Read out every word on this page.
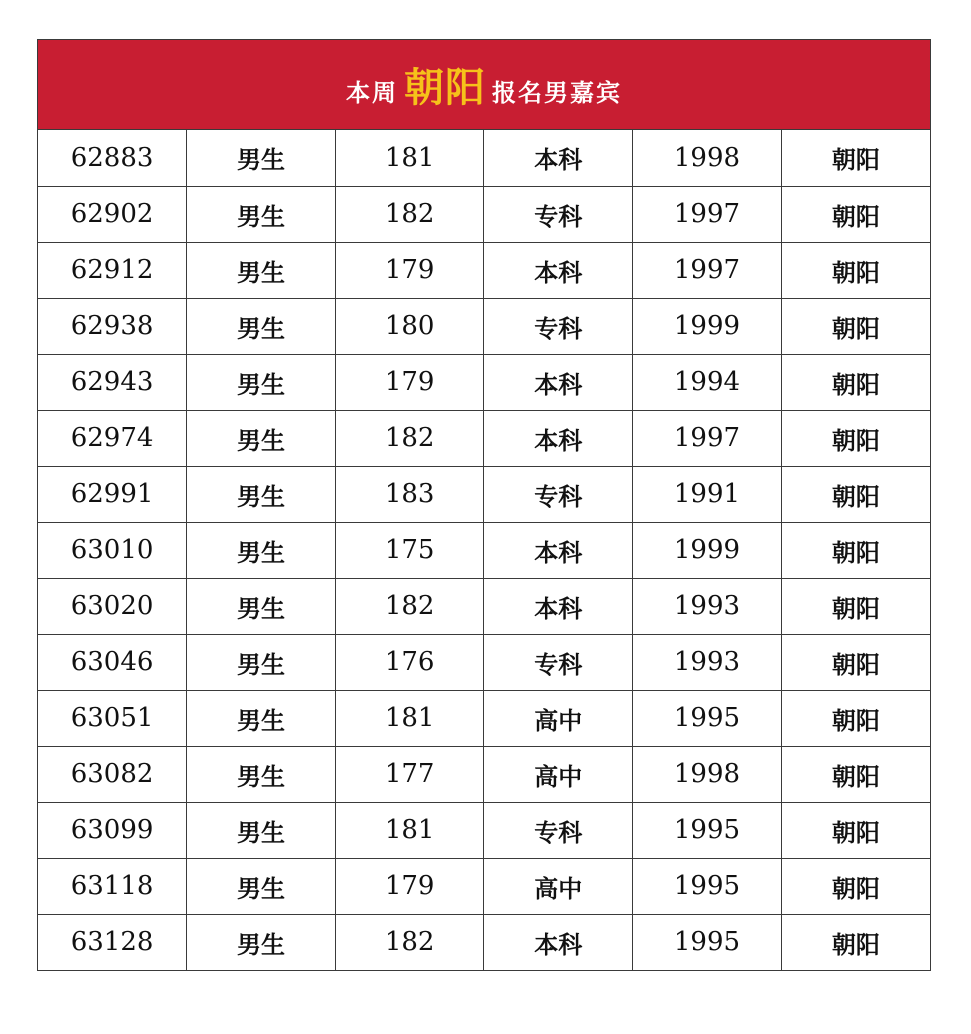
本周 朝阳 报名男嘉宾
62883	男生	181	本科	1998	朝阳
62902	男生	182	专科	1997	朝阳
62912	男生	179	本科	1997	朝阳
62938	男生	180	专科	1999	朝阳
62943	男生	179	本科	1994	朝阳
62974	男生	182	本科	1997	朝阳
62991	男生	183	专科	1991	朝阳
63010	男生	175	本科	1999	朝阳
63020	男生	182	本科	1993	朝阳
63046	男生	176	专科	1993	朝阳
63051	男生	181	高中	1995	朝阳
63082	男生	177	高中	1998	朝阳
63099	男生	181	专科	1995	朝阳
63118	男生	179	高中	1995	朝阳
63128	男生	182	本科	1995	朝阳
